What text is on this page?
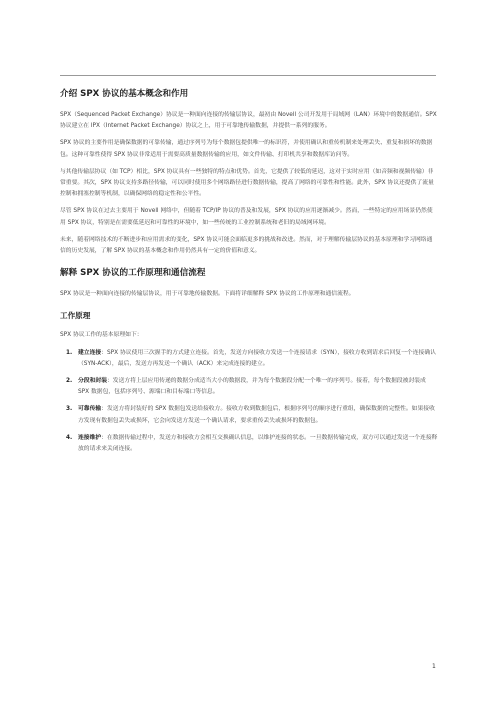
介绍 SPX 协议的基本概念和作用

SPX（Sequenced Packet Exchange）协议是一种面向连接的传输层协议，最初由 Novell 公司开发用于局域网（LAN）环境中的数据通信。SPX 协议建立在 IPX（Internet Packet Exchange）协议之上，用于可靠地传输数据，并提供一系列的服务。

SPX 协议的主要作用是确保数据的可靠传输，通过序列号为每个数据包提供唯一的标识符，并使用确认和重传机制来处理丢失、重复和损坏的数据包。这种可靠性使得 SPX 协议非常适用于需要高质量数据传输的应用，如文件传输、打印机共享和数据库访问等。

与其他传输层协议（如 TCP）相比，SPX 协议具有一些独特的特点和优势。首先，它提供了较低的延迟，这对于实时应用（如音频和视频传输）非常重要。其次，SPX 协议支持多路径传输，可以同时使用多个网络路径进行数据传输，提高了网络的可靠性和性能。此外，SPX 协议还提供了流量控制和拥塞控制等机制，以确保网络的稳定性和公平性。

尽管 SPX 协议在过去主要用于 Novell 网络中，但随着 TCP/IP 协议的普及和发展，SPX 协议的应用逐渐减少。然而，一些特定的应用场景仍然使用 SPX 协议，特别是在需要低延迟和可靠性的环境中，如一些传统的工业控制系统和老旧的局域网环境。

未来，随着网络技术的不断进步和应用需求的变化，SPX 协议可能会面临更多的挑战和改进。然而，对于理解传输层协议的基本原理和学习网络通信的历史发展，了解 SPX 协议的基本概念和作用仍然具有一定的价值和意义。

解释 SPX 协议的工作原理和通信流程

SPX 协议是一种面向连接的传输层协议，用于可靠地传输数据。下面将详细解释 SPX 协议的工作原理和通信流程。

工作原理

SPX 协议工作的基本原理如下：

1. 建立连接：SPX 协议使用三次握手的方式建立连接。首先，发送方向接收方发送一个连接请求（SYN），接收方收到请求后回复一个连接确认（SYN-ACK），最后，发送方再发送一个确认（ACK）来完成连接的建立。
2. 分段和封装：发送方将上层应用传递的数据分成适当大小的数据段，并为每个数据段分配一个唯一的序列号。接着，每个数据段被封装成 SPX 数据包，包括序列号、源端口和目标端口等信息。
3. 可靠传输：发送方将封装好的 SPX 数据包发送给接收方。接收方收到数据包后，根据序列号的顺序进行重组，确保数据的完整性。如果接收方发现有数据包丢失或损坏，它会向发送方发送一个确认请求，要求重传丢失或损坏的数据包。
4. 连接维护：在数据传输过程中，发送方和接收方会相互交换确认信息，以维护连接的状态。一旦数据传输完成，双方可以通过发送一个连接释放的请求来关闭连接。
1
